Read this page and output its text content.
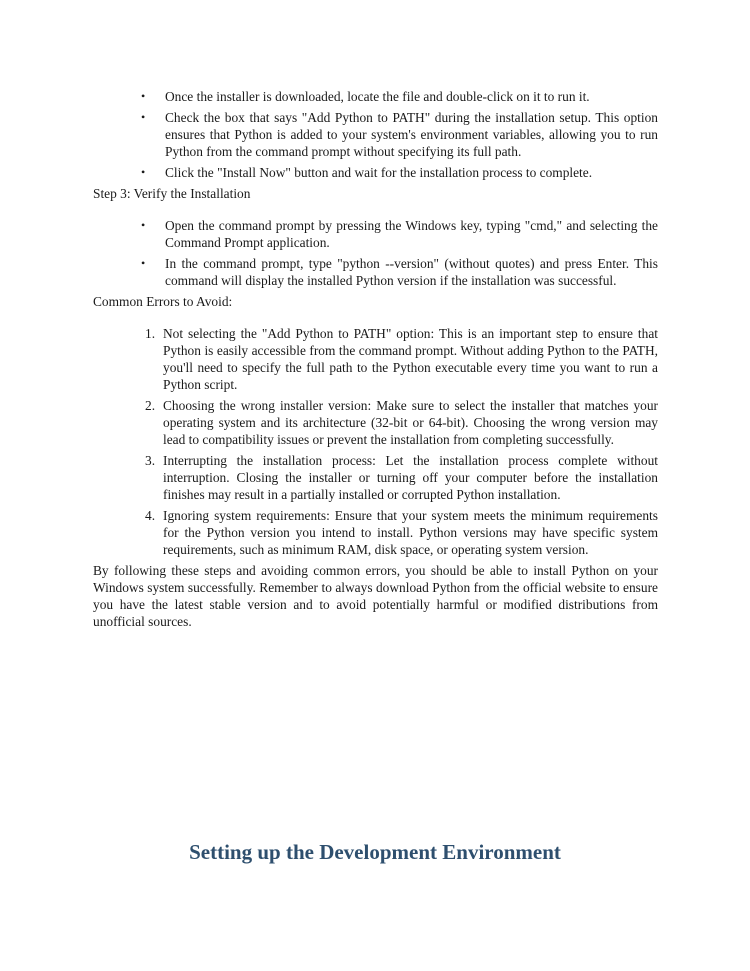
• Once the installer is downloaded, locate the file and double-click on it to run it.
• Check the box that says "Add Python to PATH" during the installation setup. This option ensures that Python is added to your system's environment variables, allowing you to run Python from the command prompt without specifying its full path.
• Click the "Install Now" button and wait for the installation process to complete.

Step 3: Verify the Installation

• Open the command prompt by pressing the Windows key, typing "cmd," and selecting the Command Prompt application.
• In the command prompt, type "python --version" (without quotes) and press Enter. This command will display the installed Python version if the installation was successful.

Common Errors to Avoid:

1. Not selecting the "Add Python to PATH" option: This is an important step to ensure that Python is easily accessible from the command prompt. Without adding Python to the PATH, you'll need to specify the full path to the Python executable every time you want to run a Python script.
2. Choosing the wrong installer version: Make sure to select the installer that matches your operating system and its architecture (32-bit or 64-bit). Choosing the wrong version may lead to compatibility issues or prevent the installation from completing successfully.
3. Interrupting the installation process: Let the installation process complete without interruption. Closing the installer or turning off your computer before the installation finishes may result in a partially installed or corrupted Python installation.
4. Ignoring system requirements: Ensure that your system meets the minimum requirements for the Python version you intend to install. Python versions may have specific system requirements, such as minimum RAM, disk space, or operating system version.

By following these steps and avoiding common errors, you should be able to install Python on your Windows system successfully. Remember to always download Python from the official website to ensure you have the latest stable version and to avoid potentially harmful or modified distributions from unofficial sources.

Setting up the Development Environment
